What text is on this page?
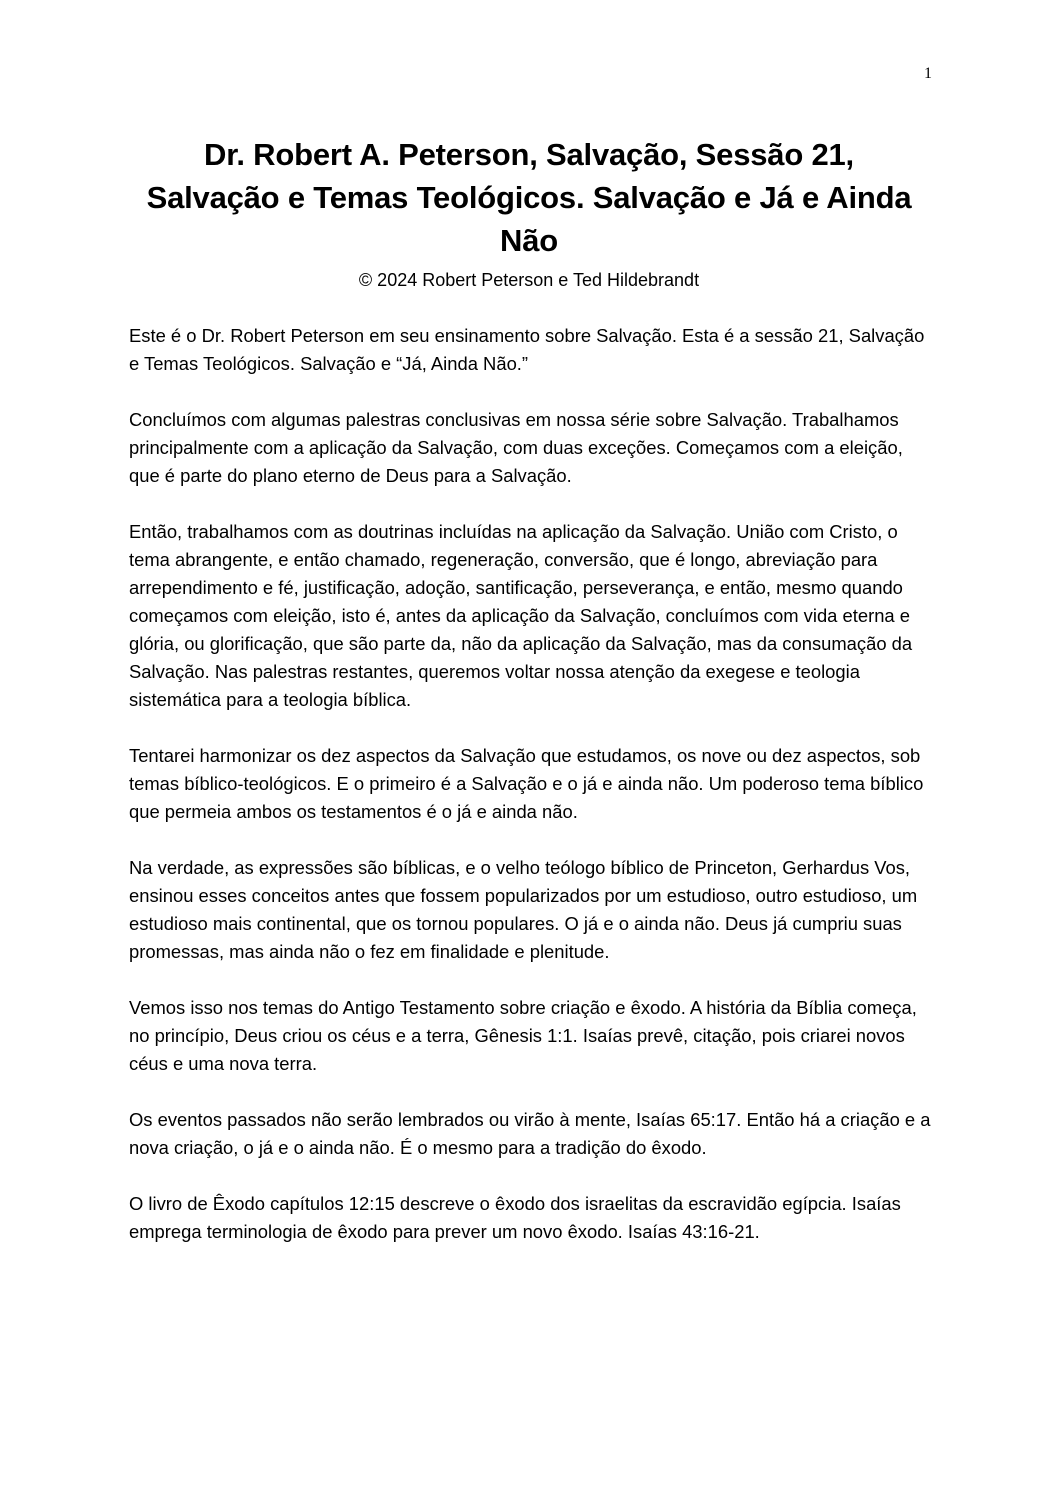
1
Dr. Robert A. Peterson, Salvação, Sessão 21,
Salvação e Temas Teológicos. Salvação e Já e Ainda
Não
© 2024 Robert Peterson e Ted Hildebrandt

Este é o Dr. Robert Peterson em seu ensinamento sobre Salvação. Esta é a sessão 21, Salvação e Temas Teológicos. Salvação e “Já, Ainda Não.”

Concluímos com algumas palestras conclusivas em nossa série sobre Salvação. Trabalhamos principalmente com a aplicação da Salvação, com duas exceções. Começamos com a eleição, que é parte do plano eterno de Deus para a Salvação.

Então, trabalhamos com as doutrinas incluídas na aplicação da Salvação. União com Cristo, o tema abrangente, e então chamado, regeneração, conversão, que é longo, abreviação para arrependimento e fé, justificação, adoção, santificação, perseverança, e então, mesmo quando começamos com eleição, isto é, antes da aplicação da Salvação, concluímos com vida eterna e glória, ou glorificação, que são parte da, não da aplicação da Salvação, mas da consumação da Salvação. Nas palestras restantes, queremos voltar nossa atenção da exegese e teologia sistemática para a teologia bíblica.

Tentarei harmonizar os dez aspectos da Salvação que estudamos, os nove ou dez aspectos, sob temas bíblico-teológicos. E o primeiro é a Salvação e o já e ainda não. Um poderoso tema bíblico que permeia ambos os testamentos é o já e ainda não.

Na verdade, as expressões são bíblicas, e o velho teólogo bíblico de Princeton, Gerhardus Vos, ensinou esses conceitos antes que fossem popularizados por um estudioso, outro estudioso, um estudioso mais continental, que os tornou populares. O já e o ainda não. Deus já cumpriu suas promessas, mas ainda não o fez em finalidade e plenitude.

Vemos isso nos temas do Antigo Testamento sobre criação e êxodo. A história da Bíblia começa, no princípio, Deus criou os céus e a terra, Gênesis 1:1. Isaías prevê, citação, pois criarei novos céus e uma nova terra.

Os eventos passados não serão lembrados ou virão à mente, Isaías 65:17. Então há a criação e a nova criação, o já e o ainda não. É o mesmo para a tradição do êxodo.

O livro de Êxodo capítulos 12:15 descreve o êxodo dos israelitas da escravidão egípcia. Isaías emprega terminologia de êxodo para prever um novo êxodo. Isaías 43:16-21.
